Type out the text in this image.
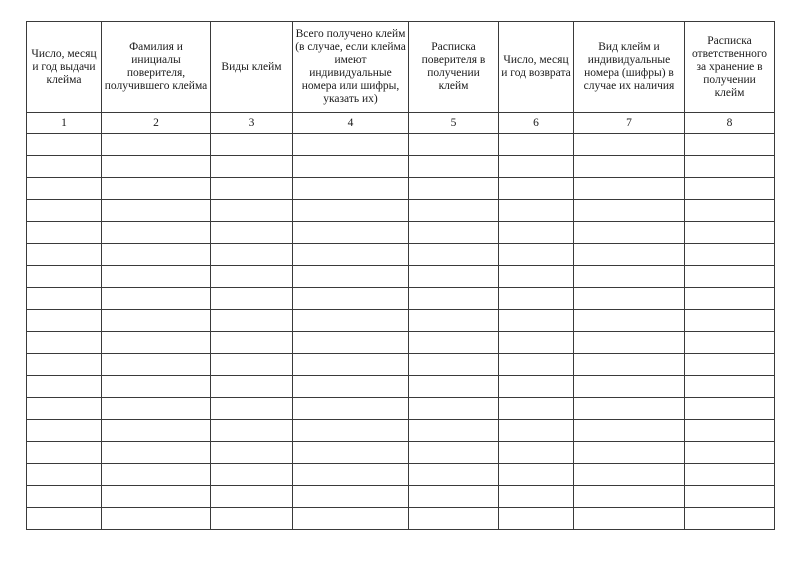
Число, месяц и год выдачи клейма	Фамилия и инициалы поверителя, получившего клейма	Виды клейм	Всего получено клейм (в случае, если клейма имеют индивидуальные номера или шифры, указать их)	Расписка поверителя в получении клейм	Число, месяц и год возврата	Вид клейм и индивидуальные номера (шифры) в случае их наличия	Расписка ответственного за хранение в получении клейм

1	2	3	4	5	6	7	8
